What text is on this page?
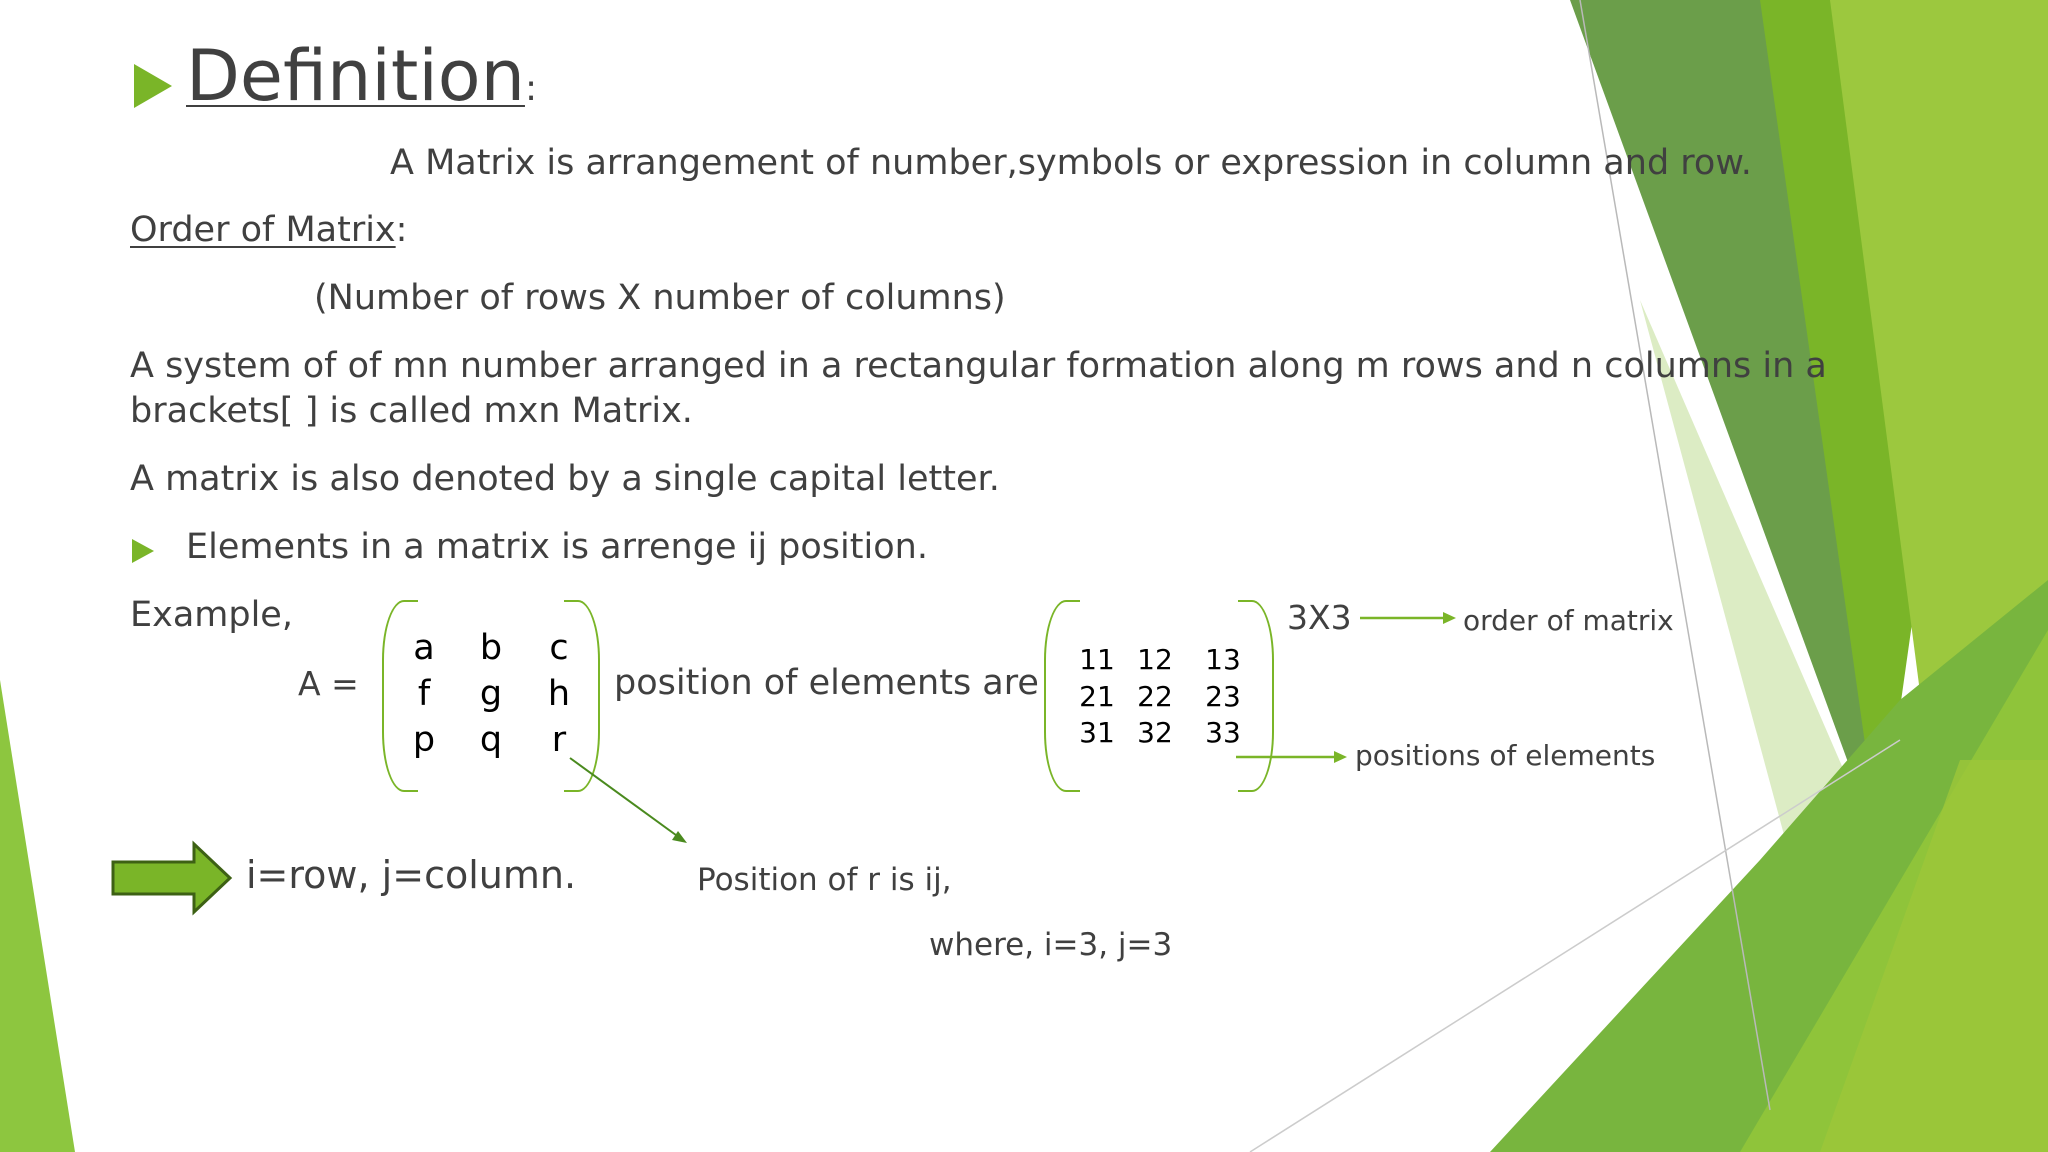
Definition:
A Matrix is arrangement of number,symbols or expression in column and row.
Order of Matrix:
(Number of rows X number of columns)
A system of of mn number arranged in a rectangular formation along m rows and n columns in a
brackets[ ] is called mxn Matrix.
A matrix is also denoted by a single capital letter.
Elements in a matrix is arrenge ij position.
Example,
A =
a	b	c
f	g	h
p	q	r
position of elements are
11 12	13
21 22	23
31 32	33
3X3	order of matrix
positions of elements
i=row, j=column.	Position of r is ij,
where, i=3, j=3
